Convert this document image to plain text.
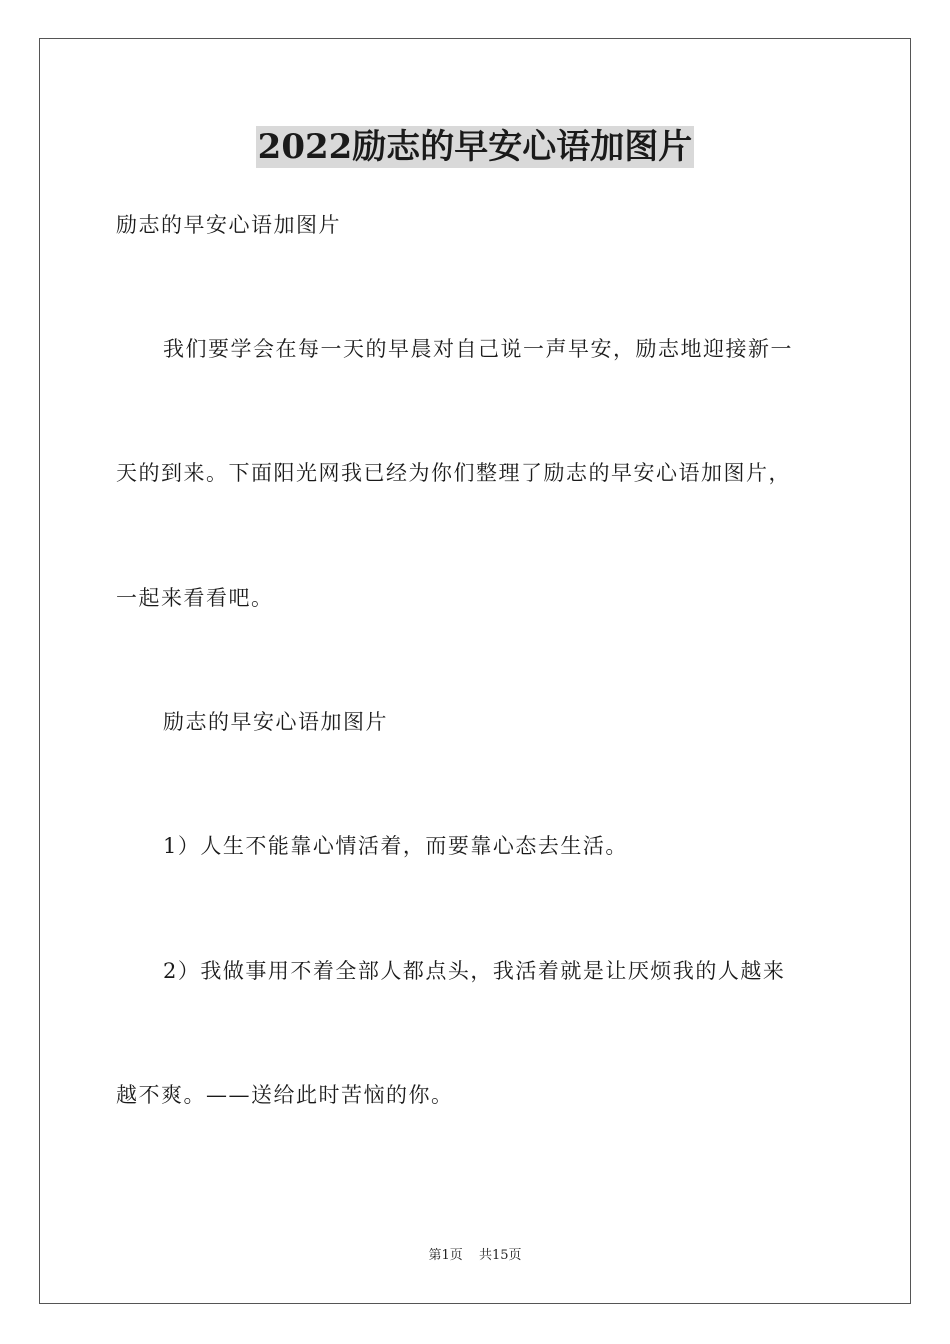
2022励志的早安心语加图片
励志的早安心语加图片
我们要学会在每一天的早晨对自己说一声早安，励志地迎接新一
天的到来。下面阳光网我已经为你们整理了励志的早安心语加图片，
一起来看看吧。
励志的早安心语加图片
1）人生不能靠心情活着，而要靠心态去生活。
2）我做事用不着全部人都点头，我活着就是让厌烦我的人越来
越不爽。——送给此时苦恼的你。
第1页 共15页
